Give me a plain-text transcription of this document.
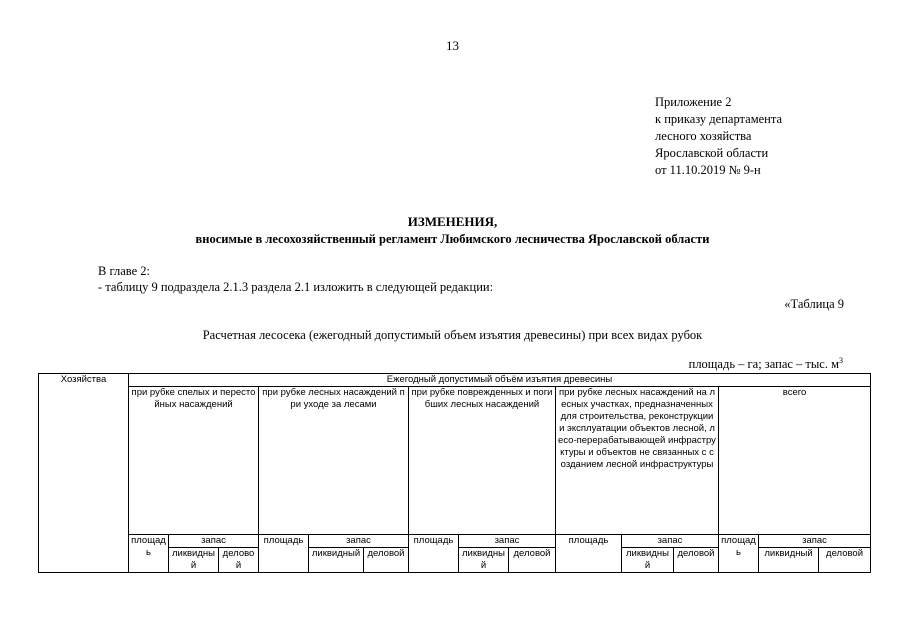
13
Приложение 2
к приказу департамента
лесного хозяйства
Ярославской области
от 11.10.2019 № 9-н
ИЗМЕНЕНИЯ,
вносимые в лесохозяйственный регламент Любимского лесничества Ярославской области
В главе 2:
- таблицу 9 подраздела 2.1.3 раздела 2.1 изложить в следующей редакции:
«Таблица 9
Расчетная лесосека (ежегодный допустимый объем изъятия древесины) при всех видах рубок
площадь – га; запас – тыс. $м^3$
Хозяйства	Ежегодный допустимый объём изъятия древесины														
	при рубке спелых и перестойных насаждений			при рубке лесных насаждений при уходе за лесами			при рубке поврежденных и погибших лесных насаждений			при рубке лесных насаждений на лесных участках, предназначенных для строительства, реконструкции и эксплуатации объектов лесной, лесо-перерабатывающей инфраструктуры и объектов не связанных с созданием лесной инфраструктуры			всего		
	площадь	запас		площадь	запас		площадь	запас		площадь	запас		площадь	запас	
		ликвидный	деловой		ликвидный	деловой		ликвидный	деловой		ликвидный	деловой		ликвидный	деловой
